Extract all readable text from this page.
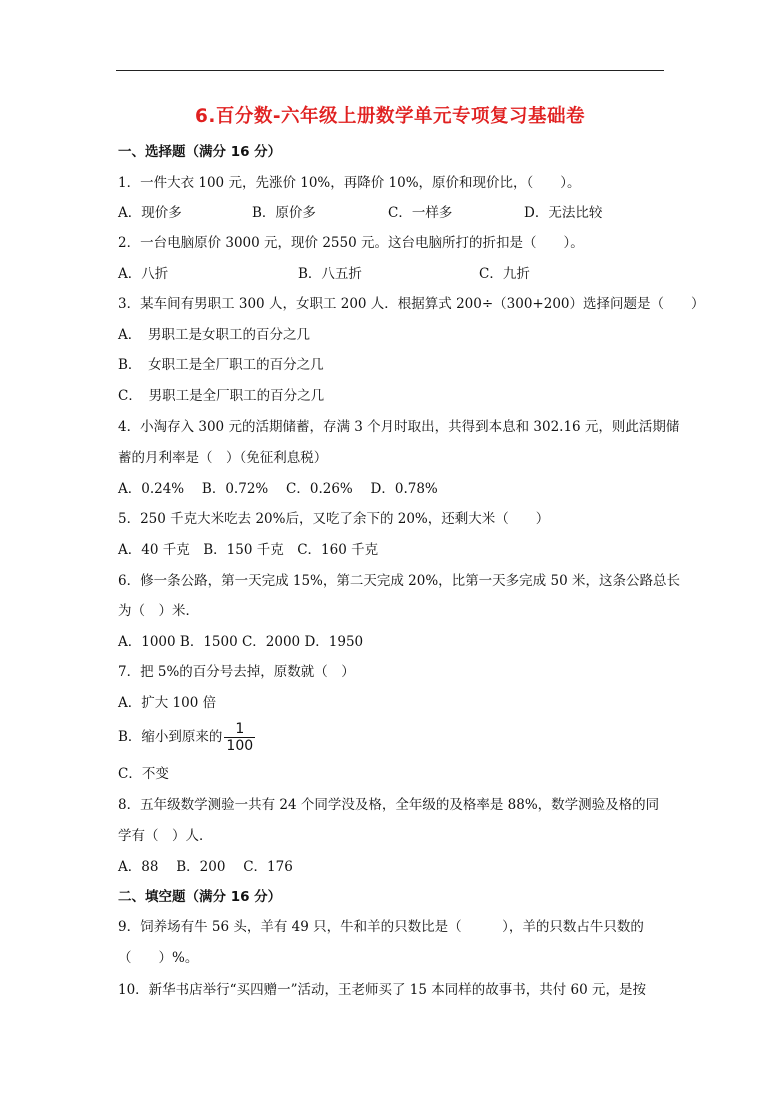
6.百分数-六年级上册数学单元专项复习基础卷
一、选择题（满分 16 分）
1．一件大衣 100 元，先涨价 10%，再降价 10%，原价和现价比，（　　）。
A．现价多	B．原价多	C．一样多	D．无法比较
2．一台电脑原价 3000 元，现价 2550 元。这台电脑所打的折扣是（　　）。
A．八折	B．八五折	C．九折
3．某车间有男职工 300 人，女职工 200 人．根据算式 200÷（300+200）选择问题是（　　）
A．　男职工是女职工的百分之几
B．　女职工是全厂职工的百分之几
C．　男职工是全厂职工的百分之几
4．小淘存入 300 元的活期储蓄，存满 3 个月时取出，共得到本息和 302.16 元，则此活期储
蓄的月利率是（　）（免征利息税）
A．0.24%　 B．0.72%　 C．0.26%　 D．0.78%
5．250 千克大米吃去 20%后，又吃了余下的 20%，还剩大米（　　）
A．40 千克　B．150 千克　C．160 千克
6．修一条公路，第一天完成 15%，第二天完成 20%，比第一天多完成 50 米，这条公路总长
为（　）米．
A．1000 B．1500 C．2000 D．1950
7．把 5%的百分号去掉，原数就（　）
A．扩大 100 倍
B．缩小到原来的 $\frac{1}{100}$
C．不变
8．五年级数学测验一共有 24 个同学没及格，全年级的及格率是 88%，数学测验及格的同
学有（　）人．
A．88　 B．200　 C．176
二、填空题（满分 16 分）
9．饲养场有牛 56 头，羊有 49 只，牛和羊的只数比是（　　　），羊的只数占牛只数的
（　　）%。
10．新华书店举行“买四赠一”活动，王老师买了 15 本同样的故事书，共付 60 元，是按
